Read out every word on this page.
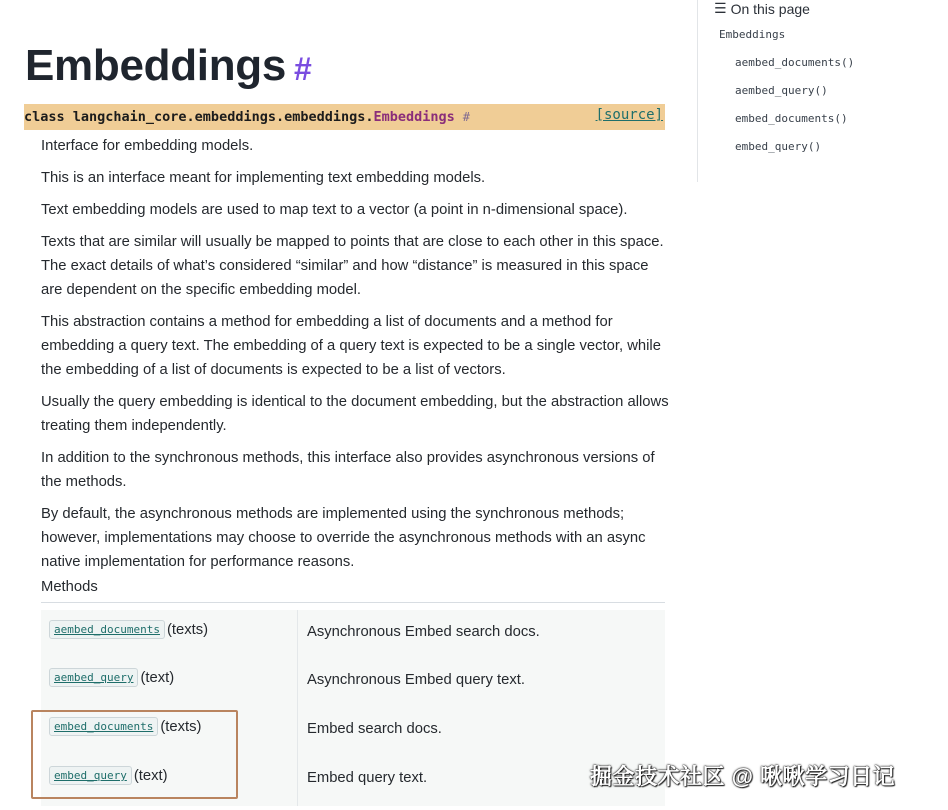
Embeddings #
class langchain_core.embeddings.embeddings. Embeddings #	[source]

Interface for embedding models.

This is an interface meant for implementing text embedding models.

Text embedding models are used to map text to a vector (a point in n-dimensional space).

Texts that are similar will usually be mapped to points that are close to each other in this space. The exact details of what’s considered “similar” and how “distance” is measured in this space are dependent on the specific embedding model.

This abstraction contains a method for embedding a list of documents and a method for embedding a query text. The embedding of a query text is expected to be a single vector, while the embedding of a list of documents is expected to be a list of vectors.

Usually the query embedding is identical to the document embedding, but the abstraction allows treating them independently.

In addition to the synchronous methods, this interface also provides asynchronous versions of the methods.

By default, the asynchronous methods are implemented using the synchronous methods; however, implementations may choose to override the asynchronous methods with an async native implementation for performance reasons.

Methods
aembed_documents (texts)	Asynchronous Embed search docs.
aembed_query (text)	Asynchronous Embed query text.
embed_documents (texts)	Embed search docs.
embed_query (text)	Embed query text.
☰ On this page
Embeddings
aembed_documents()
aembed_query()
embed_documents()
embed_query()
掘金技术社区 @ 啾啾学习日记
